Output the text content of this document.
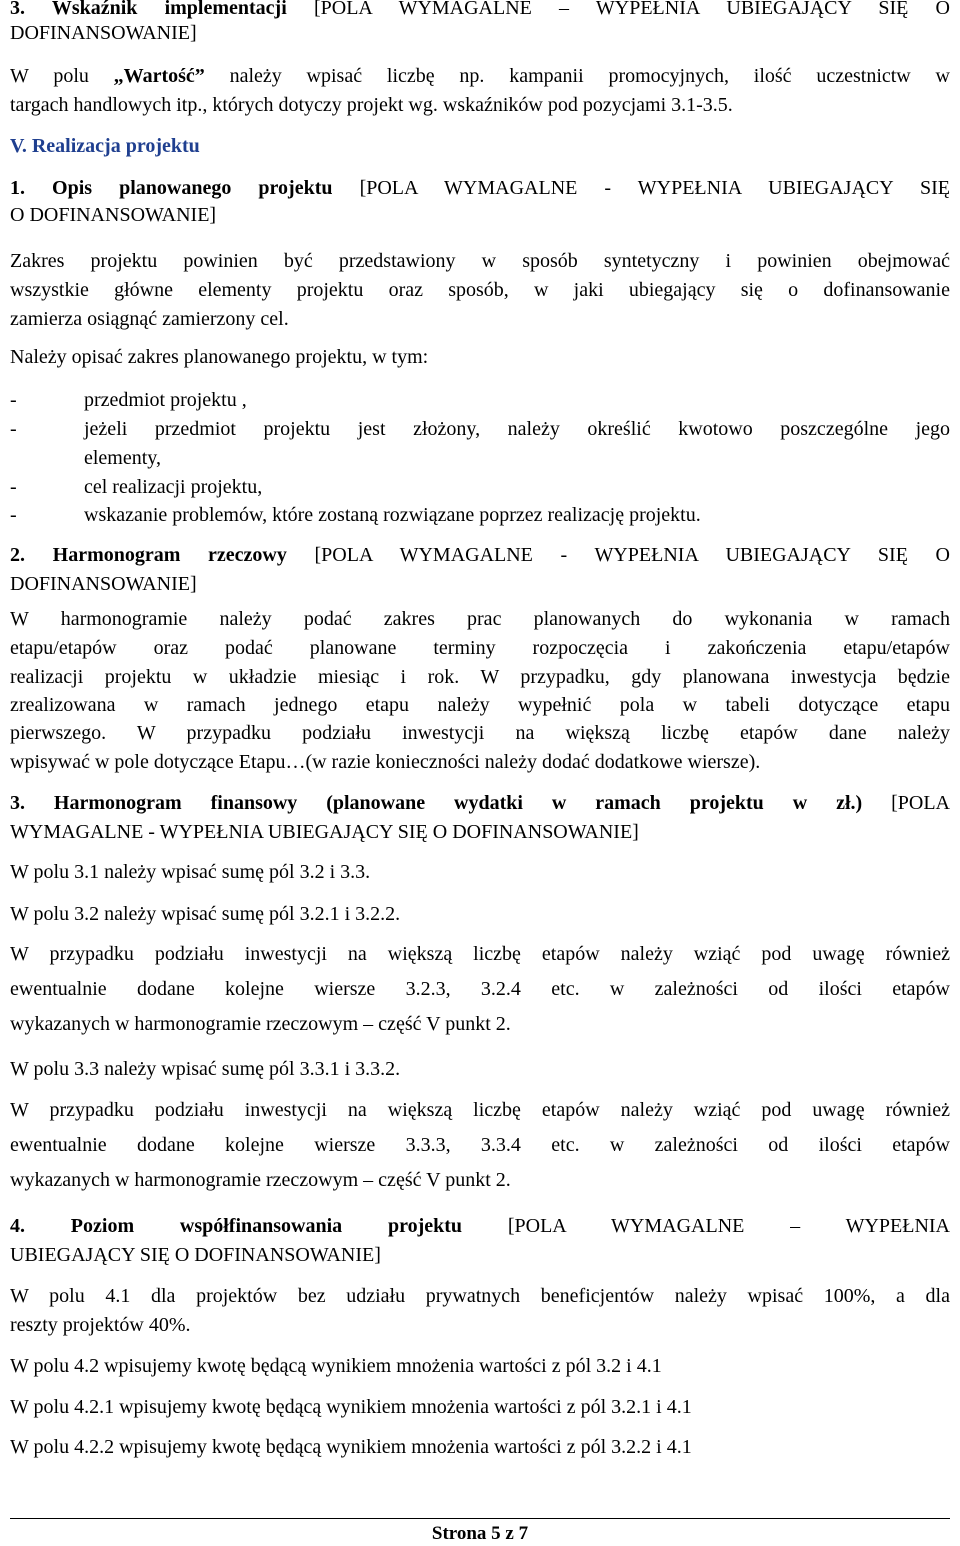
3. Wskaźnik implementacji [POLA WYMAGALNE – WYPEŁNIA UBIEGAJĄCY SIĘ O
DOFINANSOWANIE]
W polu „Wartość” należy wpisać liczbę np. kampanii promocyjnych, ilość uczestnictw w
targach handlowych itp., których dotyczy projekt wg. wskaźników pod pozycjami 3.1-3.5.
V. Realizacja projektu
1. Opis planowanego projektu [POLA WYMAGALNE - WYPEŁNIA UBIEGAJĄCY SIĘ
O DOFINANSOWANIE]
Zakres projektu powinien być przedstawiony w sposób syntetyczny i powinien obejmować
wszystkie główne elementy projektu oraz sposób, w jaki ubiegający się o dofinansowanie
zamierza osiągnąć zamierzony cel.
Należy opisać zakres planowanego projektu, w tym:
-	przedmiot projektu ,
-	jeżeli przedmiot projektu jest złożony, należy określić kwotowo poszczególne jego
elementy,
-	cel realizacji projektu,
-	wskazanie problemów, które zostaną rozwiązane poprzez realizację projektu.
2. Harmonogram rzeczowy [POLA WYMAGALNE - WYPEŁNIA UBIEGAJĄCY SIĘ O
DOFINANSOWANIE]
W harmonogramie należy podać zakres prac planowanych do wykonania w ramach
etapu/etapów oraz podać planowane terminy rozpoczęcia i zakończenia etapu/etapów
realizacji projektu w układzie miesiąc i rok. W przypadku, gdy planowana inwestycja będzie
zrealizowana w ramach jednego etapu należy wypełnić pola w tabeli dotyczące etapu
pierwszego. W przypadku podziału inwestycji na większą liczbę etapów dane należy
wpisywać w pole dotyczące Etapu…(w razie konieczności należy dodać dodatkowe wiersze).
3. Harmonogram finansowy (planowane wydatki w ramach projektu w zł.) [POLA
WYMAGALNE - WYPEŁNIA UBIEGAJĄCY SIĘ O DOFINANSOWANIE]
W polu 3.1 należy wpisać sumę pól 3.2 i 3.3.
W polu 3.2 należy wpisać sumę pól 3.2.1 i 3.2.2.
W przypadku podziału inwestycji na większą liczbę etapów należy wziąć pod uwagę również
ewentualnie dodane kolejne wiersze 3.2.3, 3.2.4 etc. w zależności od ilości etapów
wykazanych w harmonogramie rzeczowym – część V punkt 2.
W polu 3.3 należy wpisać sumę pól 3.3.1 i 3.3.2.
W przypadku podziału inwestycji na większą liczbę etapów należy wziąć pod uwagę również
ewentualnie dodane kolejne wiersze 3.3.3, 3.3.4 etc. w zależności od ilości etapów
wykazanych w harmonogramie rzeczowym – część V punkt 2.
4. Poziom współfinansowania projektu [POLA WYMAGALNE – WYPEŁNIA
UBIEGAJĄCY SIĘ O DOFINANSOWANIE]
W polu 4.1 dla projektów bez udziału prywatnych beneficjentów należy wpisać 100%, a dla
reszty projektów 40%.
W polu 4.2 wpisujemy kwotę będącą wynikiem mnożenia wartości z pól 3.2 i 4.1
W polu 4.2.1 wpisujemy kwotę będącą wynikiem mnożenia wartości z pól 3.2.1 i 4.1
W polu 4.2.2 wpisujemy kwotę będącą wynikiem mnożenia wartości z pól 3.2.2 i 4.1
Strona 5 z 7
